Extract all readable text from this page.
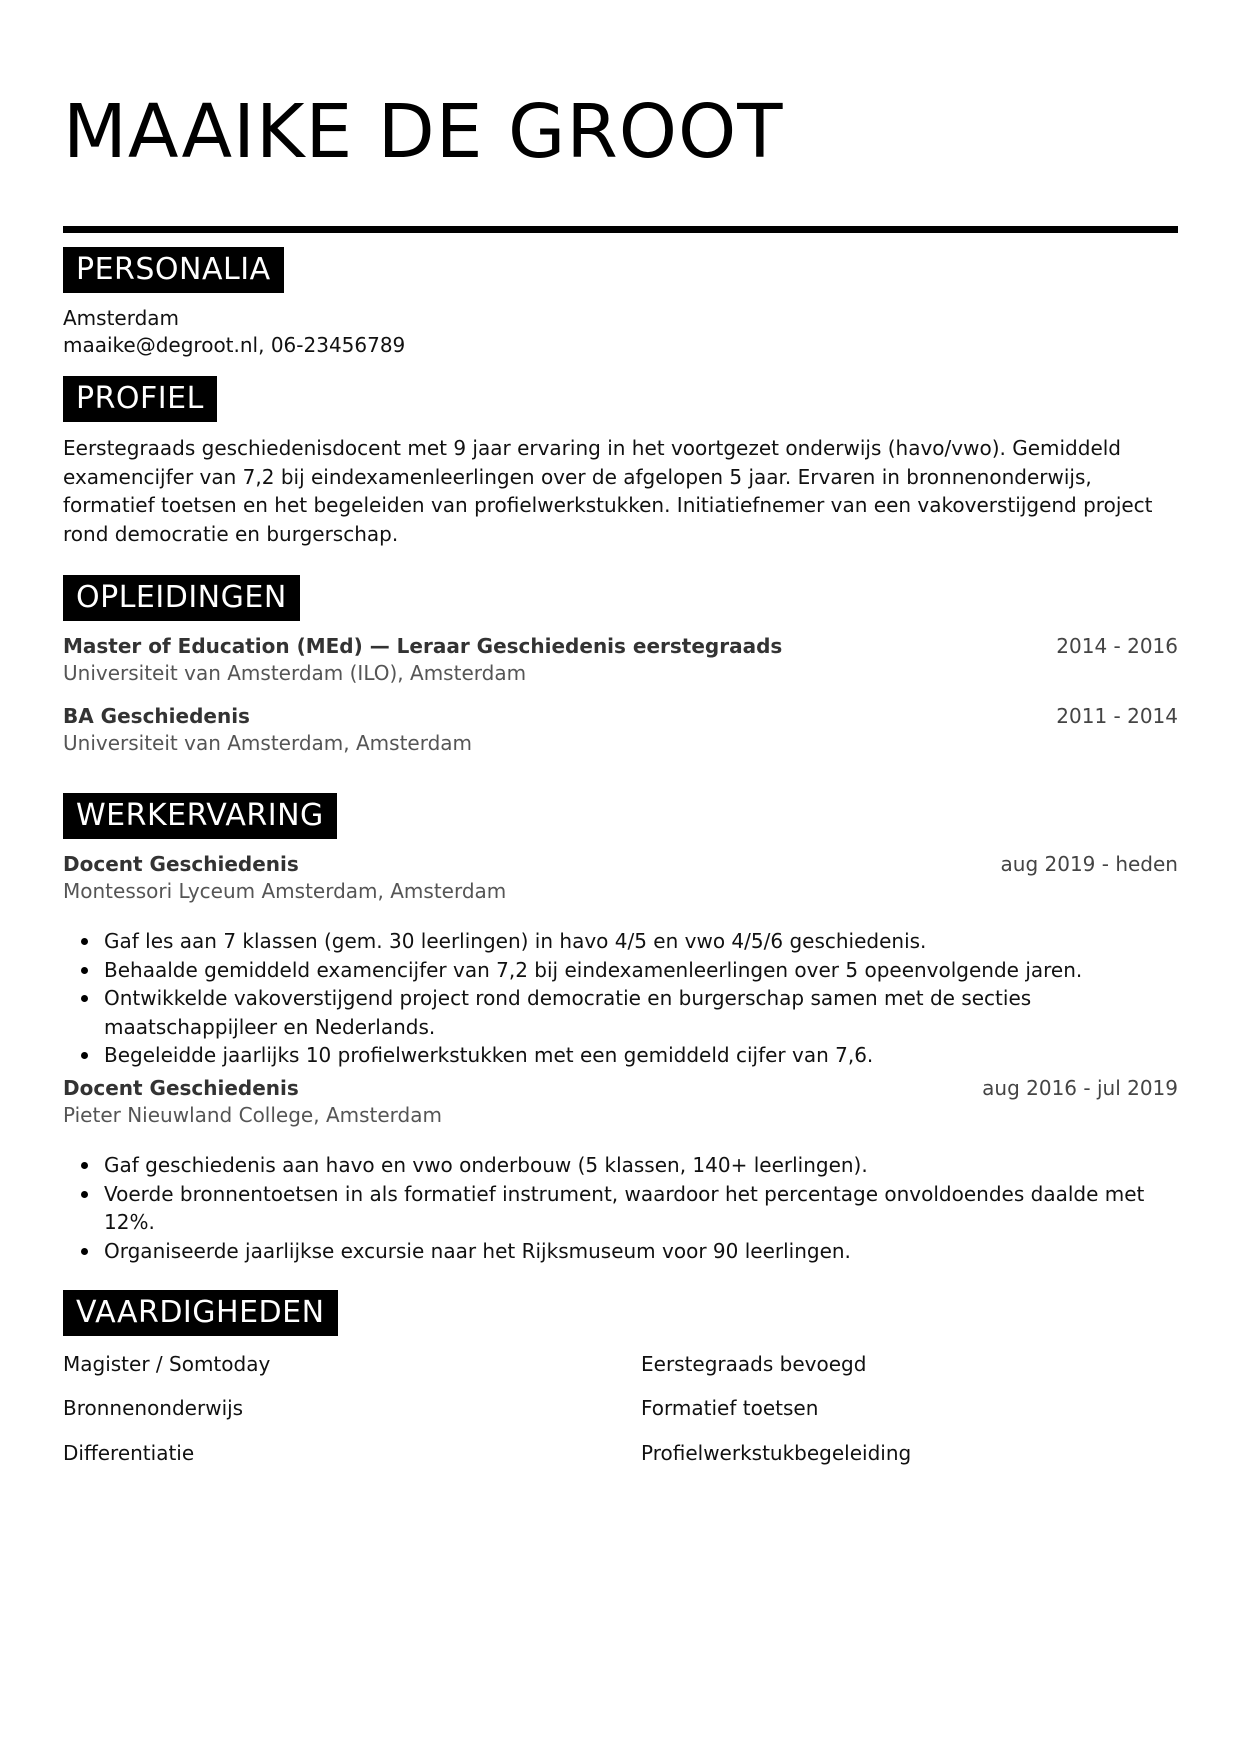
MAAIKE DE GROOT
PERSONALIA
Amsterdam
maaike@degroot.nl, 06-23456789
PROFIEL
Eerstegraads geschiedenisdocent met 9 jaar ervaring in het voortgezet onderwijs (havo/vwo). Gemiddeld examencijfer van 7,2 bij eindexamenleerlingen over de afgelopen 5 jaar. Ervaren in bronnenonderwijs, formatief toetsen en het begeleiden van profielwerkstukken. Initiatiefnemer van een vakoverstijgend project rond democratie en burgerschap.
OPLEIDINGEN
Master of Education (MEd) — Leraar Geschiedenis eerstegraads	2014 - 2016
Universiteit van Amsterdam (ILO), Amsterdam
BA Geschiedenis	2011 - 2014
Universiteit van Amsterdam, Amsterdam
WERKERVARING
Docent Geschiedenis	aug 2019 - heden
Montessori Lyceum Amsterdam, Amsterdam
Gaf les aan 7 klassen (gem. 30 leerlingen) in havo 4/5 en vwo 4/5/6 geschiedenis.
Behaalde gemiddeld examencijfer van 7,2 bij eindexamenleerlingen over 5 opeenvolgende jaren.
Ontwikkelde vakoverstijgend project rond democratie en burgerschap samen met de secties maatschappijleer en Nederlands.
Begeleidde jaarlijks 10 profielwerkstukken met een gemiddeld cijfer van 7,6.
Docent Geschiedenis	aug 2016 - jul 2019
Pieter Nieuwland College, Amsterdam
Gaf geschiedenis aan havo en vwo onderbouw (5 klassen, 140+ leerlingen).
Voerde bronnentoetsen in als formatief instrument, waardoor het percentage onvoldoendes daalde met 12%.
Organiseerde jaarlijkse excursie naar het Rijksmuseum voor 90 leerlingen.
VAARDIGHEDEN
Magister / Somtoday	Eerstegraads bevoegd
Bronnenonderwijs	Formatief toetsen
Differentiatie	Profielwerkstukbegeleiding
